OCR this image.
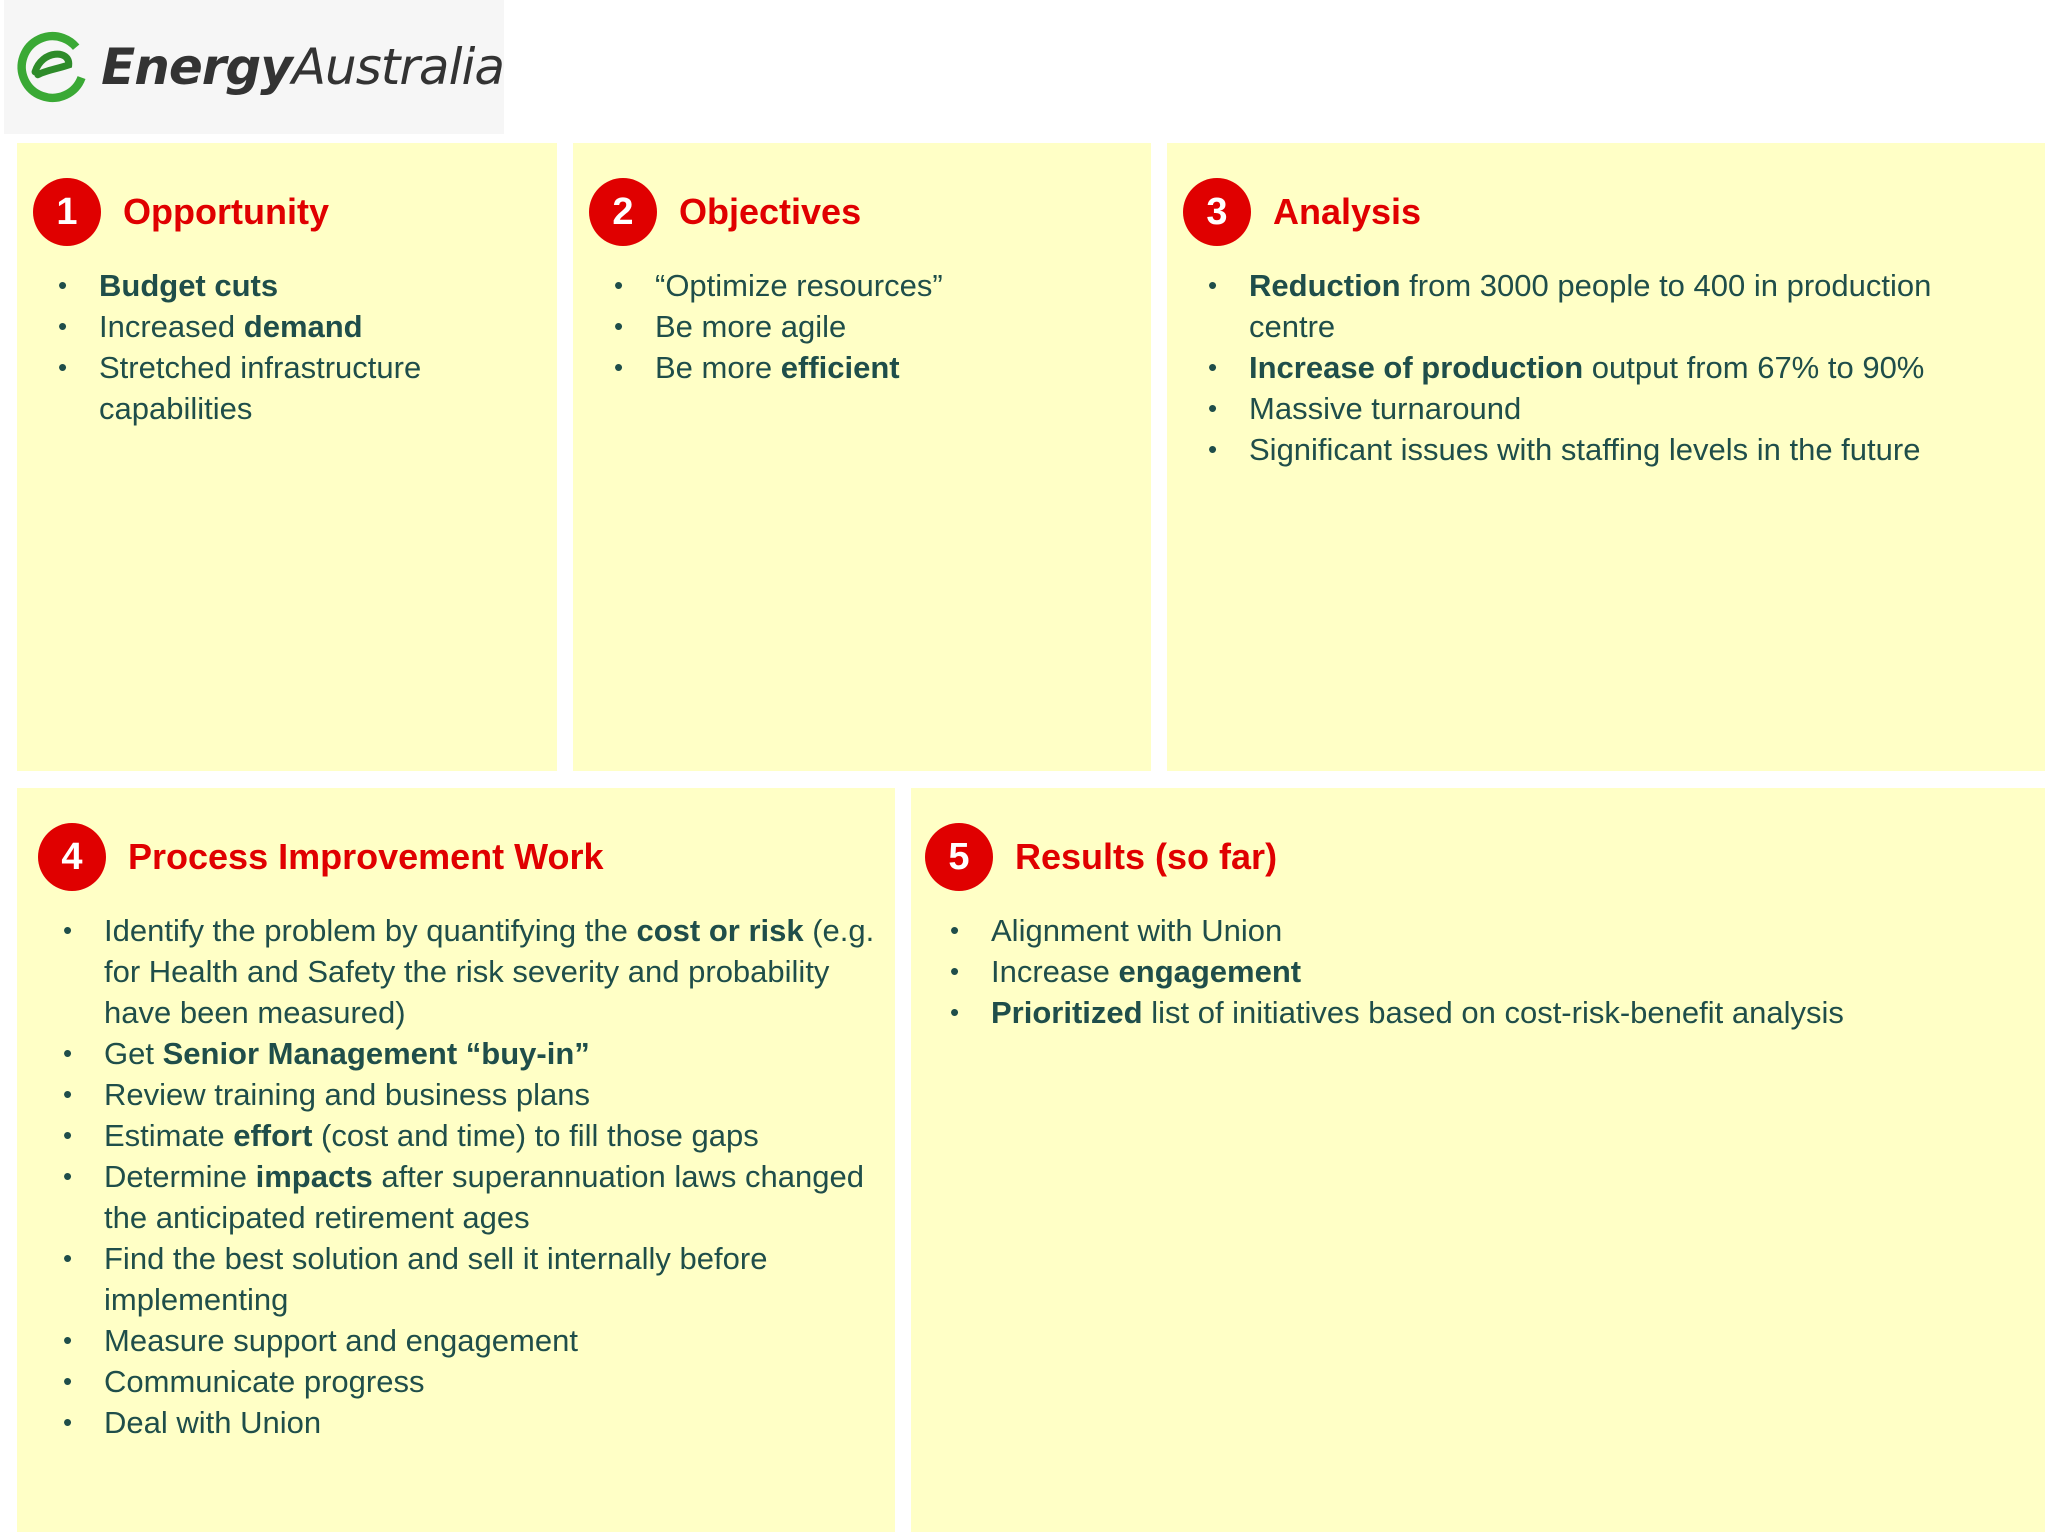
EnergyAustralia
1	Opportunity
• Budget cuts
• Increased demand
• Stretched infrastructure capabilities
2	Objectives
• “Optimize resources”
• Be more agile
• Be more efficient
3	Analysis
• Reduction from 3000 people to 400 in production centre
• Increase of production output from 67% to 90%
• Massive turnaround
• Significant issues with staffing levels in the future
4	Process Improvement Work
• Identify the problem by quantifying the cost or risk (e.g. for Health and Safety the risk severity and probability have been measured)
• Get Senior Management “buy-in”
• Review training and business plans
• Estimate effort (cost and time) to fill those gaps
• Determine impacts after superannuation laws changed the anticipated retirement ages
• Find the best solution and sell it internally before implementing
• Measure support and engagement
• Communicate progress
• Deal with Union
5	Results (so far)
• Alignment with Union
• Increase engagement
• Prioritized list of initiatives based on cost-risk-benefit analysis
